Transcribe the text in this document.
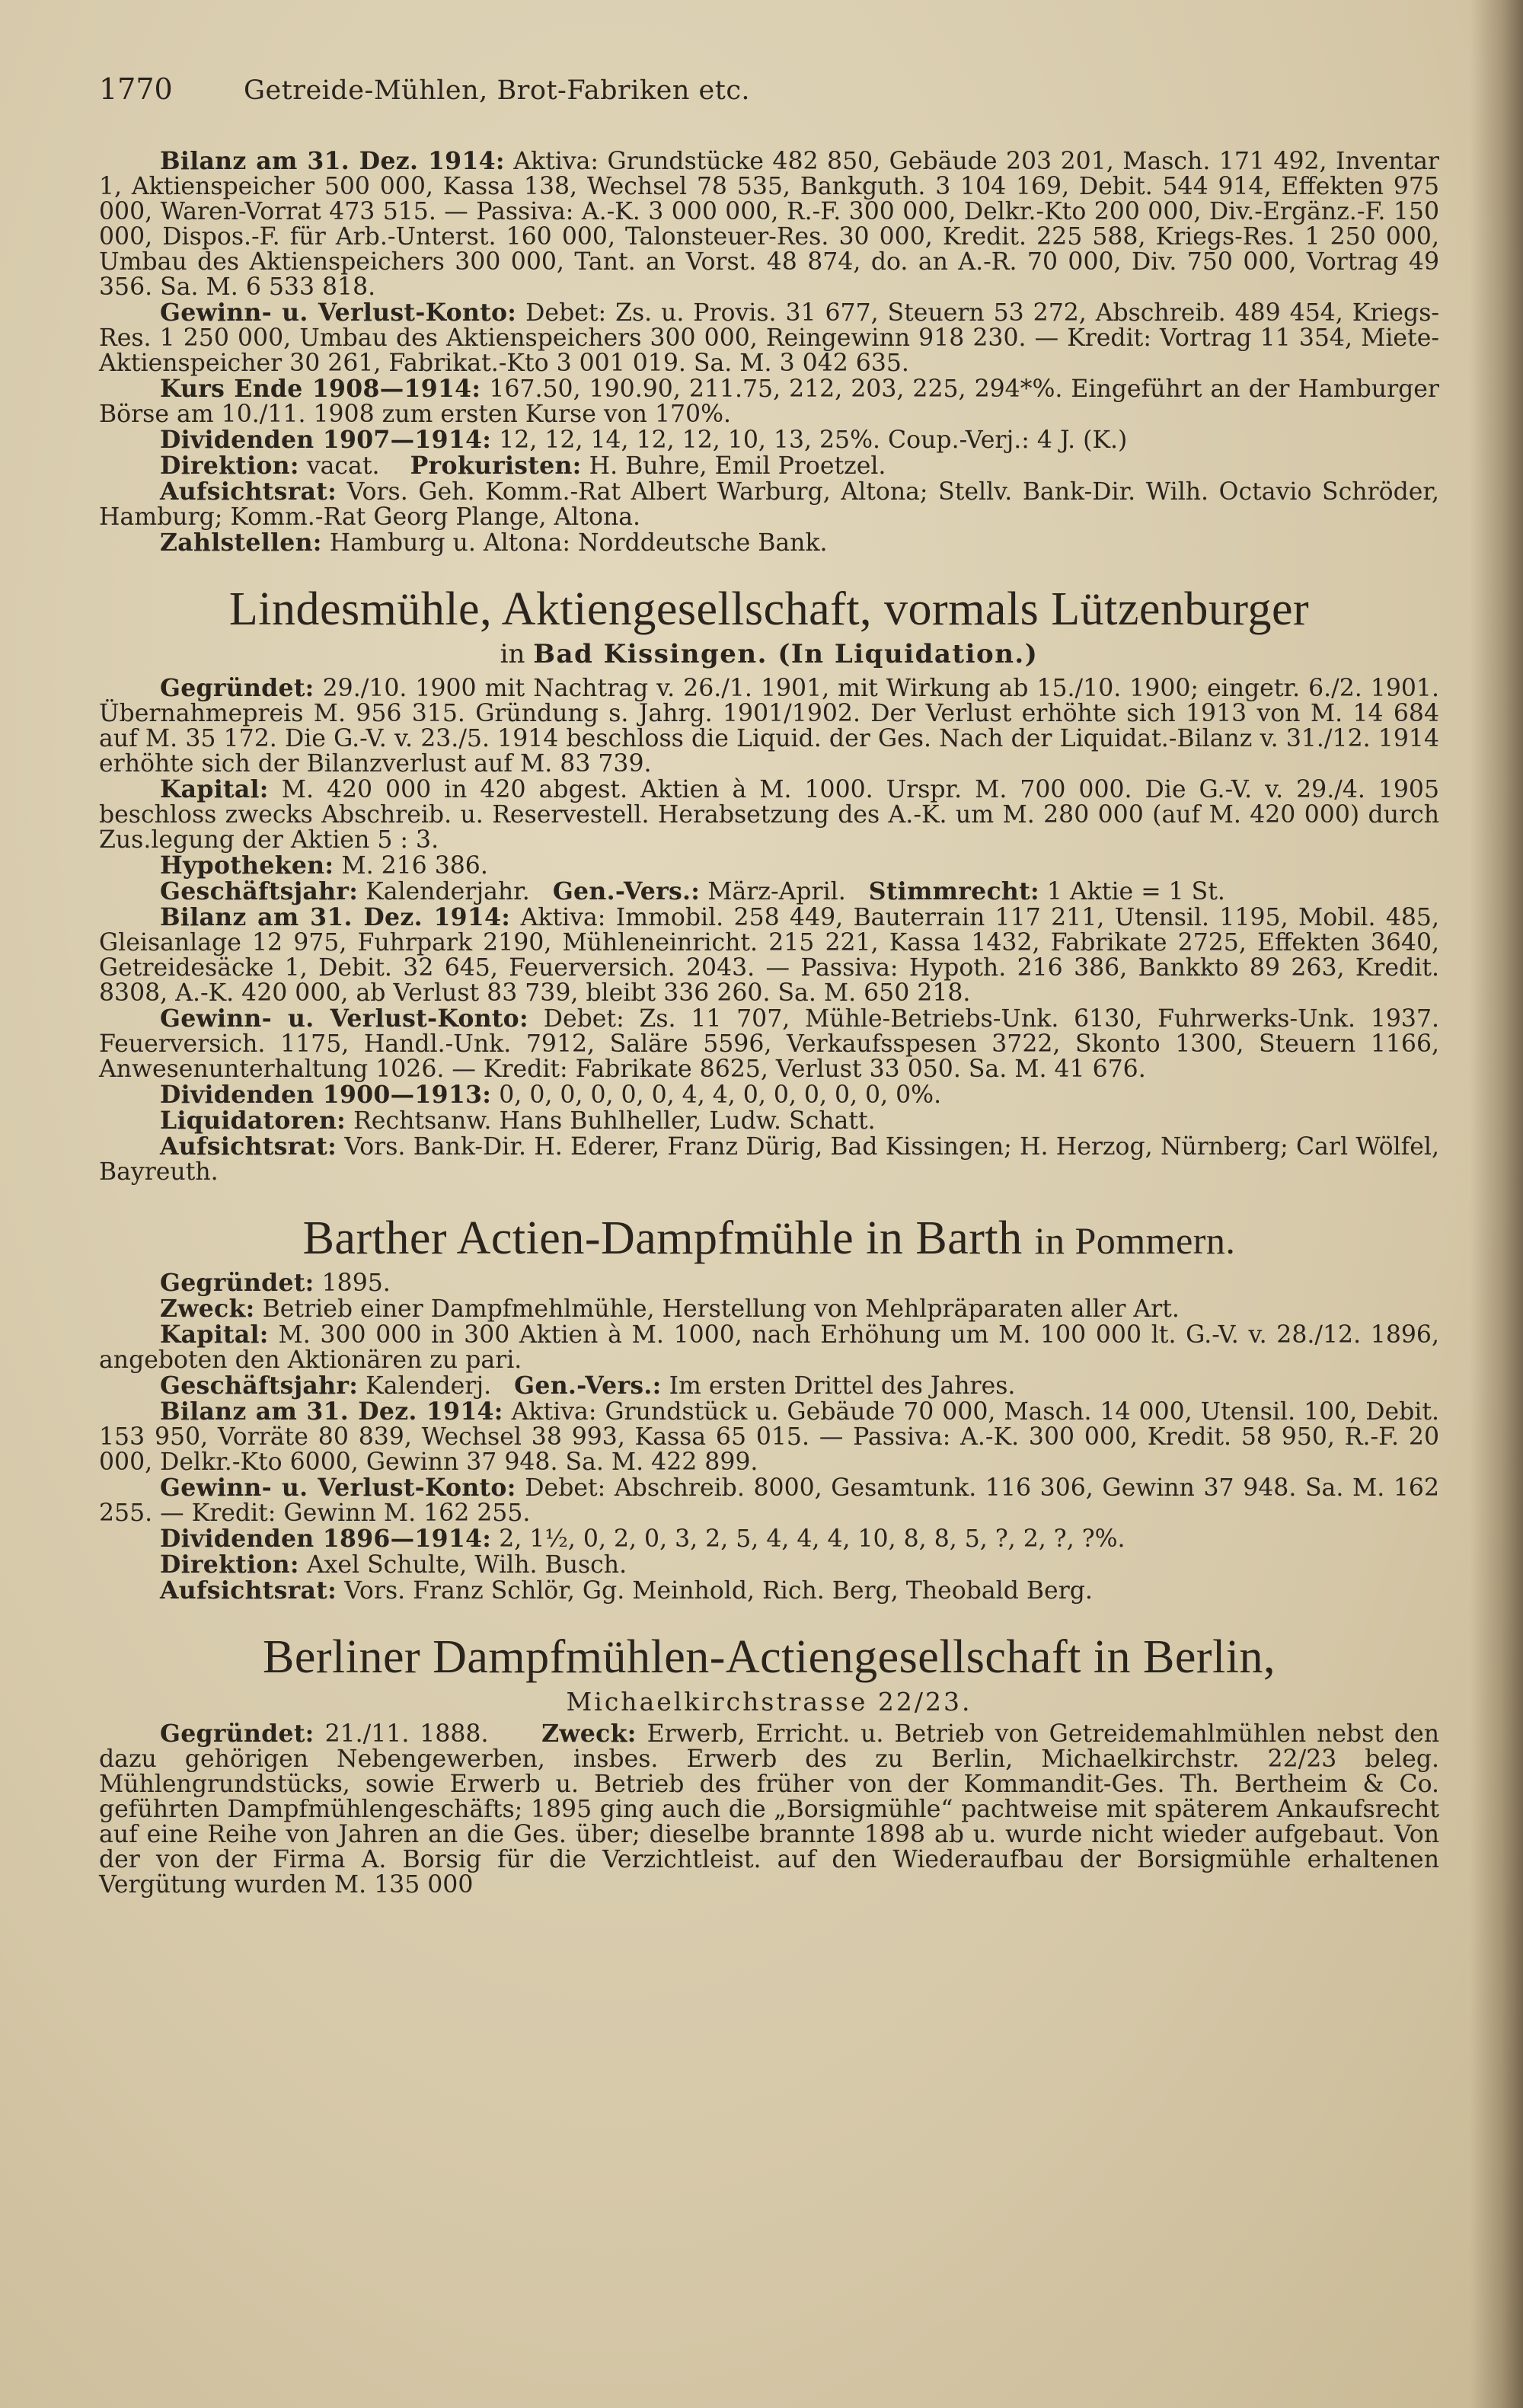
1770	Getreide-Mühlen, Brot-Fabriken etc.

Bilanz am 31. Dez. 1914: Aktiva: Grundstücke 482 850, Gebäude 203 201, Masch. 171 492, Inventar 1, Aktienspeicher 500 000, Kassa 138, Wechsel 78 535, Bankguth. 3 104 169, Debit. 544 914, Effekten 975 000, Waren-Vorrat 473 515. — Passiva: A.-K. 3 000 000, R.-F. 300 000, Delkr.-Kto 200 000, Div.-Ergänz.-F. 150 000, Dispos.-F. für Arb.-Unterst. 160 000, Talonsteuer-Res. 30 000, Kredit. 225 588, Kriegs-Res. 1 250 000, Umbau des Aktienspeichers 300 000, Tant. an Vorst. 48 874, do. an A.-R. 70 000, Div. 750 000, Vortrag 49 356. Sa. M. 6 533 818.

Gewinn- u. Verlust-Konto: Debet: Zs. u. Provis. 31 677, Steuern 53 272, Abschreib. 489 454, Kriegs-Res. 1 250 000, Umbau des Aktienspeichers 300 000, Reingewinn 918 230. — Kredit: Vortrag 11 354, Miete-Aktienspeicher 30 261, Fabrikat.-Kto 3 001 019. Sa. M. 3 042 635.

Kurs Ende 1908—1914: 167.50, 190.90, 211.75, 212, 203, 225, 294*%. Eingeführt an der Hamburger Börse am 10./11. 1908 zum ersten Kurse von 170%.

Dividenden 1907—1914: 12, 12, 14, 12, 12, 10, 13, 25%. Coup.-Verj.: 4 J. (K.)

Direktion: vacat. Prokuristen: H. Buhre, Emil Proetzel.

Aufsichtsrat: Vors. Geh. Komm.-Rat Albert Warburg, Altona; Stellv. Bank-Dir. Wilh. Octavio Schröder, Hamburg; Komm.-Rat Georg Plange, Altona.

Zahlstellen: Hamburg u. Altona: Norddeutsche Bank.

Lindesmühle, Aktiengesellschaft, vormals Lützenburger
in Bad Kissingen. (In Liquidation.)

Gegründet: 29./10. 1900 mit Nachtrag v. 26./1. 1901, mit Wirkung ab 15./10. 1900; eingetr. 6./2. 1901. Übernahmepreis M. 956 315. Gründung s. Jahrg. 1901/1902. Der Verlust erhöhte sich 1913 von M. 14 684 auf M. 35 172. Die G.-V. v. 23./5. 1914 beschloss die Liquid. der Ges. Nach der Liquidat.-Bilanz v. 31./12. 1914 erhöhte sich der Bilanzverlust auf M. 83 739.

Kapital: M. 420 000 in 420 abgest. Aktien à M. 1000. Urspr. M. 700 000. Die G.-V. v. 29./4. 1905 beschloss zwecks Abschreib. u. Reservestell. Herabsetzung des A.-K. um M. 280 000 (auf M. 420 000) durch Zus.legung der Aktien 5 : 3.

Hypotheken: M. 216 386.

Geschäftsjahr: Kalenderjahr. Gen.-Vers.: März-April. Stimmrecht: 1 Aktie = 1 St.

Bilanz am 31. Dez. 1914: Aktiva: Immobil. 258 449, Bauterrain 117 211, Utensil. 1195, Mobil. 485, Gleisanlage 12 975, Fuhrpark 2190, Mühleneinricht. 215 221, Kassa 1432, Fabrikate 2725, Effekten 3640, Getreidesäcke 1, Debit. 32 645, Feuerversich. 2043. — Passiva: Hypoth. 216 386, Bankkto 89 263, Kredit. 8308, A.-K. 420 000, ab Verlust 83 739, bleibt 336 260. Sa. M. 650 218.

Gewinn- u. Verlust-Konto: Debet: Zs. 11 707, Mühle-Betriebs-Unk. 6130, Fuhrwerks-Unk. 1937. Feuerversich. 1175, Handl.-Unk. 7912, Saläre 5596, Verkaufsspesen 3722, Skonto 1300, Steuern 1166, Anwesenunterhaltung 1026. — Kredit: Fabrikate 8625, Verlust 33 050. Sa. M. 41 676.

Dividenden 1900—1913: 0, 0, 0, 0, 0, 0, 4, 4, 0, 0, 0, 0, 0, 0%.

Liquidatoren: Rechtsanw. Hans Buhlheller, Ludw. Schatt.

Aufsichtsrat: Vors. Bank-Dir. H. Ederer, Franz Dürig, Bad Kissingen; H. Herzog, Nürnberg; Carl Wölfel, Bayreuth.

Barther Actien-Dampfmühle in Barth in Pommern.

Gegründet: 1895.

Zweck: Betrieb einer Dampfmehlmühle, Herstellung von Mehlpräparaten aller Art.

Kapital: M. 300 000 in 300 Aktien à M. 1000, nach Erhöhung um M. 100 000 lt. G.-V. v. 28./12. 1896, angeboten den Aktionären zu pari.

Geschäftsjahr: Kalenderj. Gen.-Vers.: Im ersten Drittel des Jahres.

Bilanz am 31. Dez. 1914: Aktiva: Grundstück u. Gebäude 70 000, Masch. 14 000, Utensil. 100, Debit. 153 950, Vorräte 80 839, Wechsel 38 993, Kassa 65 015. — Passiva: A.-K. 300 000, Kredit. 58 950, R.-F. 20 000, Delkr.-Kto 6000, Gewinn 37 948. Sa. M. 422 899.

Gewinn- u. Verlust-Konto: Debet: Abschreib. 8000, Gesamtunk. 116 306, Gewinn 37 948. Sa. M. 162 255. — Kredit: Gewinn M. 162 255.

Dividenden 1896—1914: 2, 1½, 0, 2, 0, 3, 2, 5, 4, 4, 4, 10, 8, 8, 5, ?, 2, ?, ?%.

Direktion: Axel Schulte, Wilh. Busch.

Aufsichtsrat: Vors. Franz Schlör, Gg. Meinhold, Rich. Berg, Theobald Berg.

Berliner Dampfmühlen-Actiengesellschaft in Berlin,
Michaelkirchstrasse 22/23.

Gegründet: 21./11. 1888. Zweck: Erwerb, Erricht. u. Betrieb von Getreidemahlmühlen nebst den dazu gehörigen Nebengewerben, insbes. Erwerb des zu Berlin, Michaelkirchstr. 22/23 beleg. Mühlengrundstücks, sowie Erwerb u. Betrieb des früher von der Kommandit-Ges. Th. Bertheim & Co. geführten Dampfmühlengeschäfts; 1895 ging auch die „Borsigmühle“ pachtweise mit späterem Ankaufsrecht auf eine Reihe von Jahren an die Ges. über; dieselbe brannte 1898 ab u. wurde nicht wieder aufgebaut. Von der von der Firma A. Borsig für die Verzichtleist. auf den Wiederaufbau der Borsigmühle erhaltenen Vergütung wurden M. 135 000
